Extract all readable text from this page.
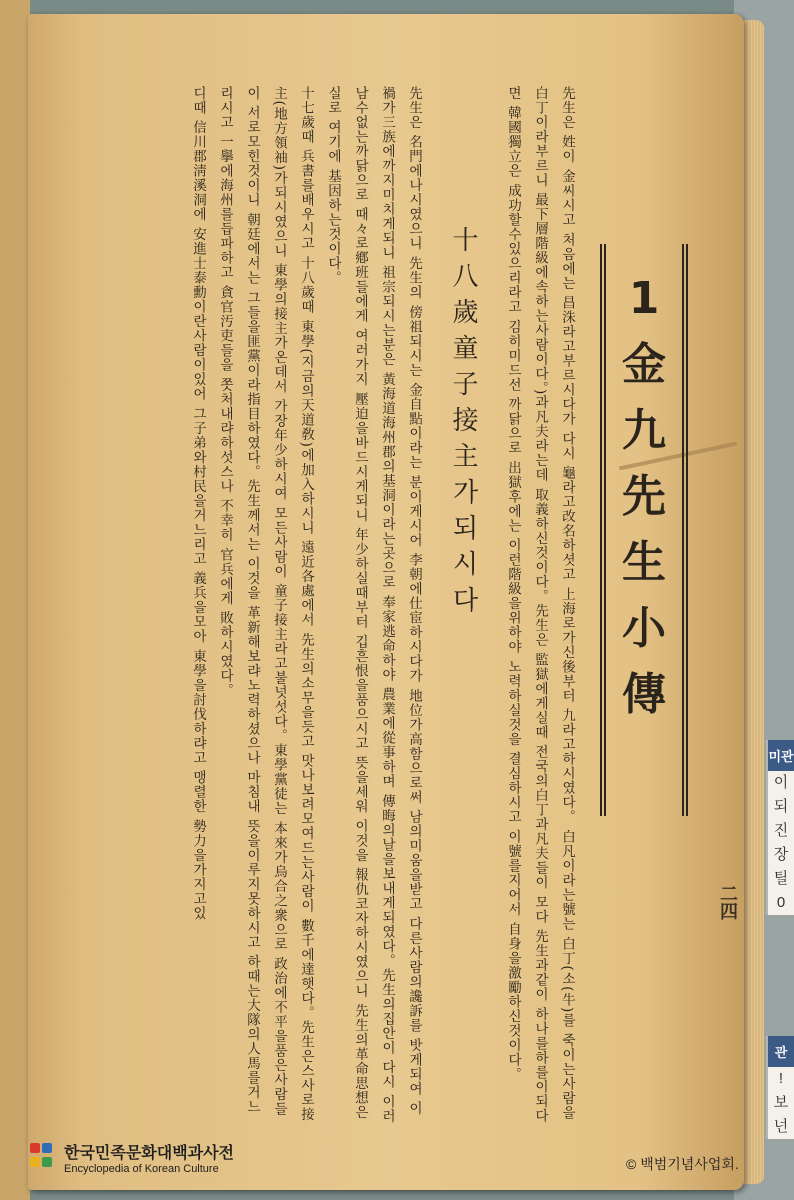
미관
이
되
진
장
틸
0
관
!
보
넌
1
金
九
先
生
小
傳
二四

先生은 姓이 金씨시고 처음에는 昌洙라고부르시다가 다시 龜라고改名하셧고 上海로가신後부터 九라고하시였다。 白凡이라는號는 白丁(소(牛)를 죽이는사람을 白丁이라부르니 最下層階級에속하는사람이다。)과凡夫라는데 取義하신것이다。先生은 監獄에게실때 전국의白丁과凡夫들이 모다 先生과같이 하나를하를이되다면 韓國獨立은 成功할수있으리라고 김히미드선 까닭으로 出獄후에는 이런階級을위하야 노력하실것을 결심하시고 이號를지어서 自身을激勵하신것이다。

十八歲童子接主가되시다

先生은 名門에나시였으니 先生의 傍祖되시는 金自點이라는 분이게시어 李朝에仕宦하시다가 地位가高함으로써 남의미움을받고 다른사람의讒訴를 밧게되여 이禍가三族에까지미치게되니 祖宗되시는분은 黃海道海州郡의基洞이라는곳으로 奉家逃命하야 農業에從事하며 傳晦의날을보내게되였다。先生의집안이 다시 이러남수없는까닭으로 때々로鄕班들에게 여러가지 壓迫을바드시게되니 年少하실때부터 깁흔恨을품으시고 뜻을세워 이것을 報仇코자하시였으니 先生의革命思想은 실로 여기에 基因하는것이다。

十七歲때 兵書를배우시고 十八歲때 東學(지금의天道敎)에加入하시니 遠近各處에서 先生의소무을듯고 맛나보려모여드는사람이 數千에達햇다。先生은스사로接主(地方領袖)가되시였으니 東學의接主가온데서 가장年少하시여 모든사람이 童子接主라고불넛섯다。東學黨徒는 本來가烏合之衆으로 政治에不平을품은사람들이 서로모힌것이니 朝廷에서는 그들을匪黨이라指目하였다。先生께서는 이것을 革新해보랴노력하셨으나 마침내 뜻을이루지못하시고 하때는大隊의人馬를거느리시고 一擧에海州를듭파하고 貪官汚吏들을 쫏처내랴하섯스나 不幸히 官兵에게 敗하시였다。

디때 信川郡淸溪洞에 安進士泰勳이란사람이있어 그子弟와村民을거느리고 義兵을모아 東學을討伐하랴고 맹렬한 勢力을가지고있

한국민족문화대백과사전
Encyclopedia of Korean Culture	© 백범기념사업회.
